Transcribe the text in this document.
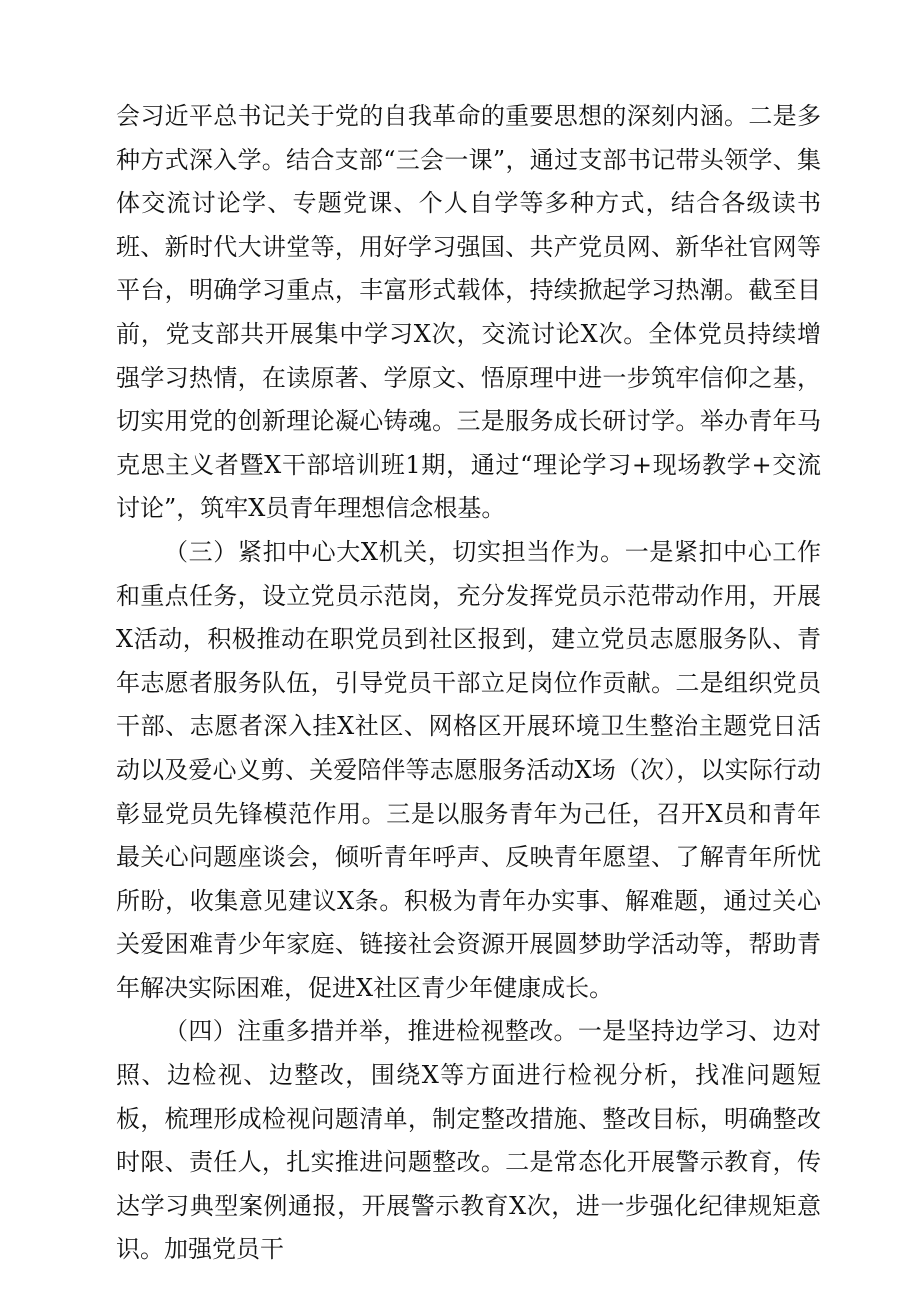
会习近平总书记关于党的自我革命的重要思想的深刻内涵。二是多种方式深入学。结合支部“三会一课”，通过支部书记带头领学、集体交流讨论学、专题党课、个人自学等多种方式，结合各级读书班、新时代大讲堂等，用好学习强国、共产党员网、新华社官网等平台，明确学习重点，丰富形式载体，持续掀起学习热潮。截至目前，党支部共开展集中学习X次，交流讨论X次。全体党员持续增强学习热情，在读原著、学原文、悟原理中进一步筑牢信仰之基，切实用党的创新理论凝心铸魂。三是服务成长研讨学。举办青年马克思主义者暨X干部培训班1期，通过“理论学习+现场教学+交流讨论”，筑牢X员青年理想信念根基。

（三）紧扣中心大X机关，切实担当作为。一是紧扣中心工作和重点任务，设立党员示范岗，充分发挥党员示范带动作用，开展X活动，积极推动在职党员到社区报到，建立党员志愿服务队、青年志愿者服务队伍，引导党员干部立足岗位作贡献。二是组织党员干部、志愿者深入挂X社区、网格区开展环境卫生整治主题党日活动以及爱心义剪、关爱陪伴等志愿服务活动X场（次），以实际行动彰显党员先锋模范作用。三是以服务青年为己任，召开X员和青年最关心问题座谈会，倾听青年呼声、反映青年愿望、了解青年所忧所盼，收集意见建议X条。积极为青年办实事、解难题，通过关心关爱困难青少年家庭、链接社会资源开展圆梦助学活动等，帮助青年解决实际困难，促进X社区青少年健康成长。

（四）注重多措并举，推进检视整改。一是坚持边学习、边对照、边检视、边整改，围绕X等方面进行检视分析，找准问题短板，梳理形成检视问题清单，制定整改措施、整改目标，明确整改时限、责任人，扎实推进问题整改。二是常态化开展警示教育，传达学习典型案例通报，开展警示教育X次，进一步强化纪律规矩意识。加强党员干
